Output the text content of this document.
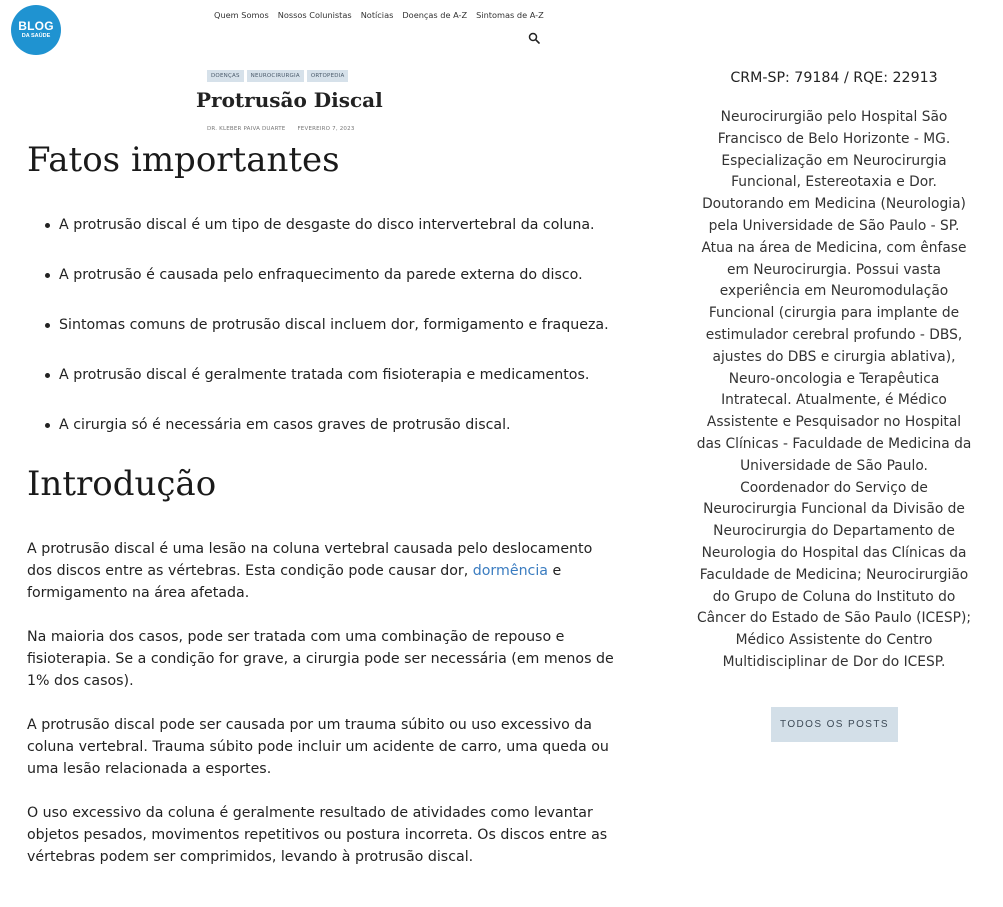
BLOG
DA SAÚDE
Quem Somos Nossos Colunistas Notícias Doenças de A-Z Sintomas de A-Z
DOENÇAS	NEUROCIRURGIA	ORTOPEDIA
Protrusão Discal
DR. KLEBER PAIVA DUARTE FEVEREIRO 7, 2023
Fatos importantes
A protrusão discal é um tipo de desgaste do disco intervertebral da coluna.
A protrusão é causada pelo enfraquecimento da parede externa do disco.
Sintomas comuns de protrusão discal incluem dor, formigamento e fraqueza.
A protrusão discal é geralmente tratada com fisioterapia e medicamentos.
A cirurgia só é necessária em casos graves de protrusão discal.
Introdução

A protrusão discal é uma lesão na coluna vertebral causada pelo deslocamento dos discos entre as vértebras. Esta condição pode causar dor, dormência e formigamento na área afetada.

Na maioria dos casos, pode ser tratada com uma combinação de repouso e fisioterapia. Se a condição for grave, a cirurgia pode ser necessária (em menos de 1% dos casos).

A protrusão discal pode ser causada por um trauma súbito ou uso excessivo da coluna vertebral. Trauma súbito pode incluir um acidente de carro, uma queda ou uma lesão relacionada a esportes.

O uso excessivo da coluna é geralmente resultado de atividades como levantar objetos pesados, movimentos repetitivos ou postura incorreta. Os discos entre as vértebras podem ser comprimidos, levando à protrusão discal.

CRM-SP: 79184 / RQE: 22913
Neurocirurgião pelo Hospital São Francisco de Belo Horizonte - MG. Especialização em Neurocirurgia Funcional, Estereotaxia e Dor. Doutorando em Medicina (Neurologia) pela Universidade de São Paulo - SP. Atua na área de Medicina, com ênfase em Neurocirurgia. Possui vasta experiência em Neuromodulação Funcional (cirurgia para implante de estimulador cerebral profundo - DBS, ajustes do DBS e cirurgia ablativa), Neuro-oncologia e Terapêutica Intratecal. Atualmente, é Médico Assistente e Pesquisador no Hospital das Clínicas - Faculdade de Medicina da Universidade de São Paulo. Coordenador do Serviço de Neurocirurgia Funcional da Divisão de Neurocirurgia do Departamento de Neurologia do Hospital das Clínicas da Faculdade de Medicina; Neurocirurgião do Grupo de Coluna do Instituto do Câncer do Estado de São Paulo (ICESP); Médico Assistente do Centro Multidisciplinar de Dor do ICESP.
TODOS OS POSTS
